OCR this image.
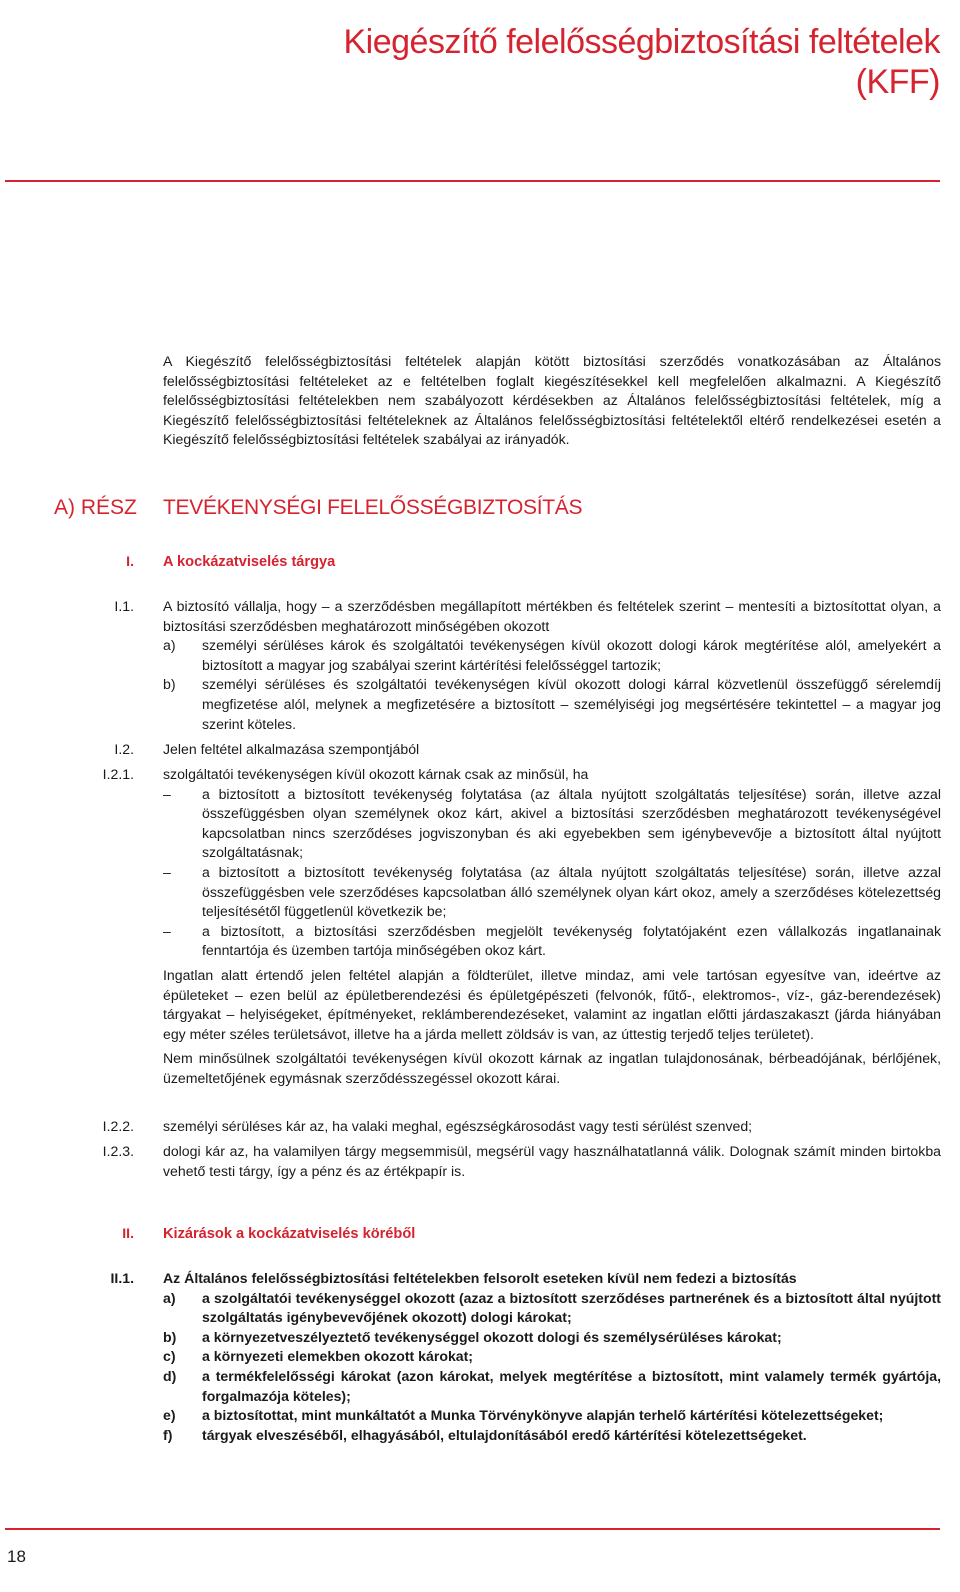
Kiegészítő felelősségbiztosítási feltételek
(KFF)
A Kiegészítő felelősségbiztosítási feltételek alapján kötött biztosítási szerződés vonatkozásában az Általános felelősségbiztosítási feltételeket az e feltételben foglalt kiegészítésekkel kell megfelelően alkalmazni. A Kiegészítő felelősségbiztosítási feltételekben nem szabályozott kérdésekben az Általános felelősségbiztosítási feltételek, míg a Kiegészítő felelősségbiztosítási feltételeknek az Általános felelősségbiztosítási feltételektől eltérő rendelkezései esetén a Kiegészítő felelősségbiztosítási feltételek szabályai az irányadók.
A) RÉSZ TEVÉKENYSÉGI FELELŐSSÉGBIZTOSÍTÁS
I. A kockázatviselés tárgya
I.1. A biztosító vállalja, hogy – a szerződésben megállapított mértékben és feltételek szerint – mentesíti a biztosítottat olyan, a biztosítási szerződésben meghatározott minőségében okozott

a)	személyi sérüléses károk és szolgáltatói tevékenységen kívül okozott dologi károk megtérítése alól, amelyekért a biztosított a magyar jog szabályai szerint kártérítési felelősséggel tartozik;
b)	személyi sérüléses és szolgáltatói tevékenységen kívül okozott dologi kárral közvetlenül összefüggő sérelemdíj megfizetése alól, melynek a megfizetésére a biztosított – személyiségi jog megsértésére tekintettel – a magyar jog szerint köteles.
I.2. Jelen feltétel alkalmazása szempontjából
I.2.1. szolgáltatói tevékenységen kívül okozott kárnak csak az minősül, ha

–	a biztosított a biztosított tevékenység folytatása (az általa nyújtott szolgáltatás teljesítése) során, illetve azzal összefüggésben olyan személynek okoz kárt, akivel a biztosítási szerződésben meghatározott tevékenységével kapcsolatban nincs szerződéses jogviszonyban és aki egyebekben sem igénybevevője a biztosított által nyújtott szolgáltatásnak;
–	a biztosított a biztosított tevékenység folytatása (az általa nyújtott szolgáltatás teljesítése) során, illetve azzal összefüggésben vele szerződéses kapcsolatban álló személynek olyan kárt okoz, amely a szerződéses kötelezettség teljesítésétől függetlenül következik be;
–	a biztosított, a biztosítási szerződésben megjelölt tevékenység folytatójaként ezen vállalkozás ingatlanainak fenntartója és üzemben tartója minőségében okoz kárt.

Ingatlan alatt értendő jelen feltétel alapján a földterület, illetve mindaz, ami vele tartósan egyesítve van, ideértve az épületeket – ezen belül az épületberendezési és épületgépészeti (felvonók, fűtő-, elektromos-, víz-, gáz-berendezések) tárgyakat – helyiségeket, építményeket, reklámberendezéseket, valamint az ingatlan előtti járdaszakaszt (járda hiányában egy méter széles területsávot, illetve ha a járda mellett zöldsáv is van, az úttestig terjedő teljes területet).

Nem minősülnek szolgáltatói tevékenységen kívül okozott kárnak az ingatlan tulajdonosának, bérbeadójának, bérlőjének, üzemeltetőjének egymásnak szerződésszegéssel okozott kárai.

I.2.2. személyi sérüléses kár az, ha valaki meghal, egészségkárosodást vagy testi sérülést szenved;
I.2.3. dologi kár az, ha valamilyen tárgy megsemmisül, megsérül vagy használhatatlanná válik. Dolognak számít minden birtokba vehető testi tárgy, így a pénz és az értékpapír is.
II. Kizárások a kockázatviselés köréből
II.1. Az Általános felelősségbiztosítási feltételekben felsorolt eseteken kívül nem fedezi a biztosítás

a)	a szolgáltatói tevékenységgel okozott (azaz a biztosított szerződéses partnerének és a biztosított által nyújtott szolgáltatás igénybevevőjének okozott) dologi károkat;
b)	a környezetveszélyeztető tevékenységgel okozott dologi és személysérüléses károkat;
c)	a környezeti elemekben okozott károkat;
d)	a termékfelelősségi károkat (azon károkat, melyek megtérítése a biztosított, mint valamely termék gyártója, forgalmazója köteles);
e)	a biztosítottat, mint munkáltatót a Munka Törvénykönyve alapján terhelő kártérítési kötelezettségeket;
f)	tárgyak elveszéséből, elhagyásából, eltulajdonításából eredő kártérítési kötelezettségeket.
18
